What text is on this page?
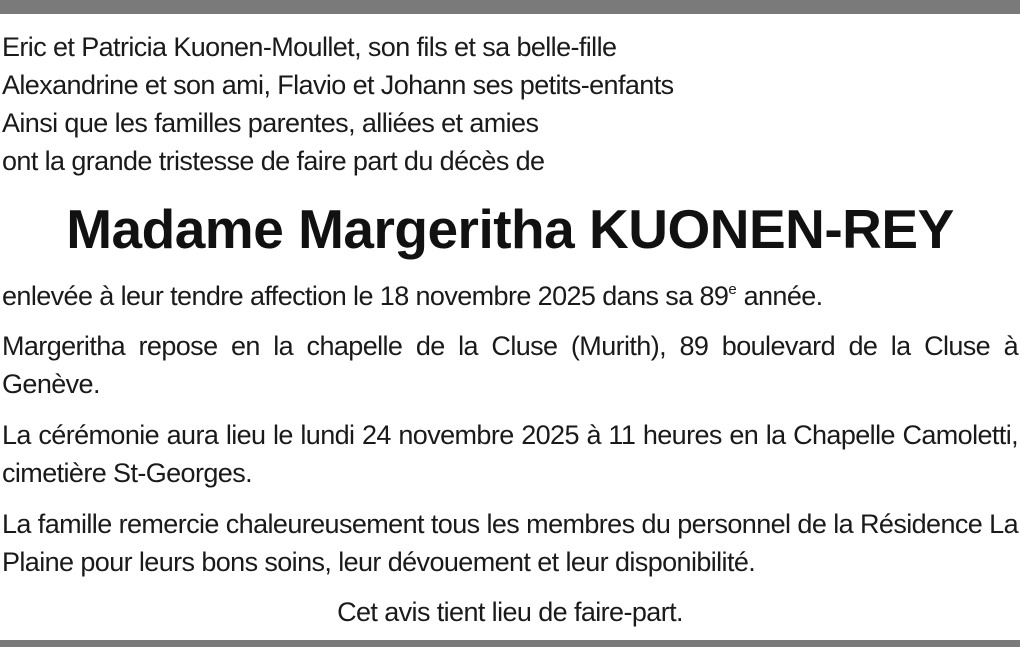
Eric et Patricia Kuonen-Moullet, son fils et sa belle-fille
Alexandrine et son ami, Flavio et Johann ses petits-enfants
Ainsi que les familles parentes, alliées et amies
ont la grande tristesse de faire part du décès de
Madame Margeritha KUONEN-REY
enlevée à leur tendre affection le 18 novembre 2025 dans sa 89e année.
Margeritha repose en la chapelle de la Cluse (Murith), 89 boulevard de la Cluse à Genève.
La cérémonie aura lieu le lundi 24 novembre 2025 à 11 heures en la Chapelle Camoletti, cimetière St-Georges.
La famille remercie chaleureusement tous les membres du personnel de la Résidence La Plaine pour leurs bons soins, leur dévouement et leur disponibilité.
Cet avis tient lieu de faire-part.
